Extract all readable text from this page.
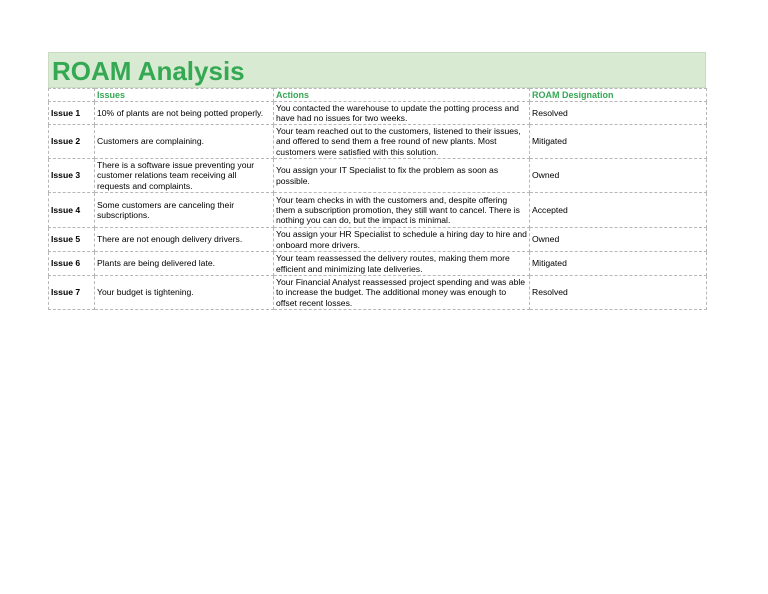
ROAM Analysis
	Issues	Actions	ROAM Designation
Issue 1	10% of plants are not being potted properly.	You contacted the warehouse to update the potting process and have had no issues for two weeks.	Resolved
Issue 2	Customers are complaining.	Your team reached out to the customers, listened to their issues, and offered to send them a free round of new plants. Most customers were satisfied with this solution.	Mitigated
Issue 3	There is a software issue preventing your customer relations team receiving all requests and complaints.	You assign your IT Specialist to fix the problem as soon as possible.	Owned
Issue 4	Some customers are canceling their subscriptions.	Your team checks in with the customers and, despite offering them a subscription promotion, they still want to cancel. There is nothing you can do, but the impact is minimal.	Accepted
Issue 5	There are not enough delivery drivers.	You assign your HR Specialist to schedule a hiring day to hire and onboard more drivers.	Owned
Issue 6	Plants are being delivered late.	Your team reassessed the delivery routes, making them more efficient and minimizing late deliveries.	Mitigated
Issue 7	Your budget is tightening.	Your Financial Analyst reassessed project spending and was able to increase the budget. The additional money was enough to offset recent losses.	Resolved
